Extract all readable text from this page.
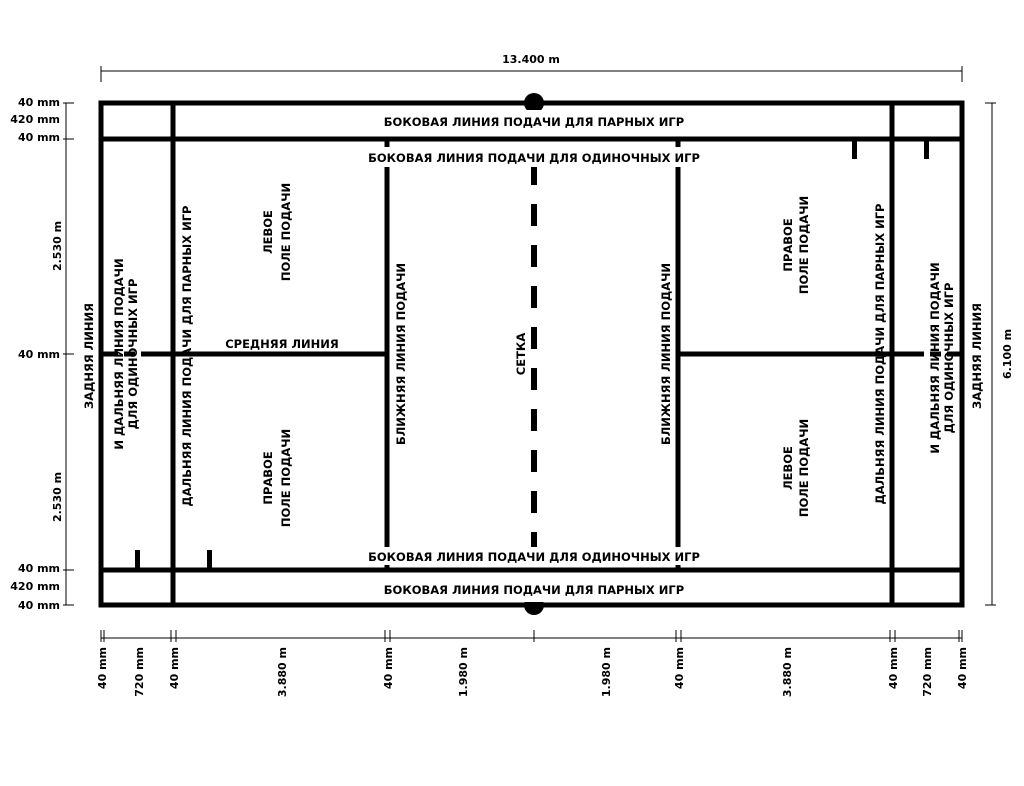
13.400 m
6.100 m
БОКОВАЯ ЛИНИЯ ПОДАЧИ ДЛЯ ПАРНЫХ ИГР
БОКОВАЯ ЛИНИЯ ПОДАЧИ ДЛЯ ОДИНОЧНЫХ ИГР
БОКОВАЯ ЛИНИЯ ПОДАЧИ ДЛЯ ОДИНОЧНЫХ ИГР
БОКОВАЯ ЛИНИЯ ПОДАЧИ ДЛЯ ПАРНЫХ ИГР
СРЕДНЯЯ ЛИНИЯ
ЗАДНЯЯ ЛИНИЯ	ЗАДНЯЯ ЛИНИЯ
И ДАЛЬНЯЯ ЛИНИЯ ПОДАЧИ ДЛЯ ОДИНОЧНЫХ ИГР	И ДАЛЬНЯЯ ЛИНИЯ ПОДАЧИ ДЛЯ ОДИНОЧНЫХ ИГР
ДАЛЬНЯЯ ЛИНИЯ ПОДАЧИ ДЛЯ ПАРНЫХ ИГР	ДАЛЬНЯЯ ЛИНИЯ ПОДАЧИ ДЛЯ ПАРНЫХ ИГР
БЛИЖНЯЯ ЛИНИЯ ПОДАЧИ	БЛИЖНЯЯ ЛИНИЯ ПОДАЧИ
СЕТКА
ЛЕВОЕ ПОЛЕ ПОДАЧИ
ПРАВОЕ ПОЛЕ ПОДАЧИ
ПРАВОЕ ПОЛЕ ПОДАЧИ
ЛЕВОЕ ПОЛЕ ПОДАЧИ
40 mm
420 mm
40 mm
2.530 m
40 mm
2.530 m
40 mm
420 mm
40 mm
40 mm 720 mm 40 mm	3.880 m	40 mm	1.980 m	1.980 m	40 mm	3.880 m	40 mm 720 mm 40 mm
